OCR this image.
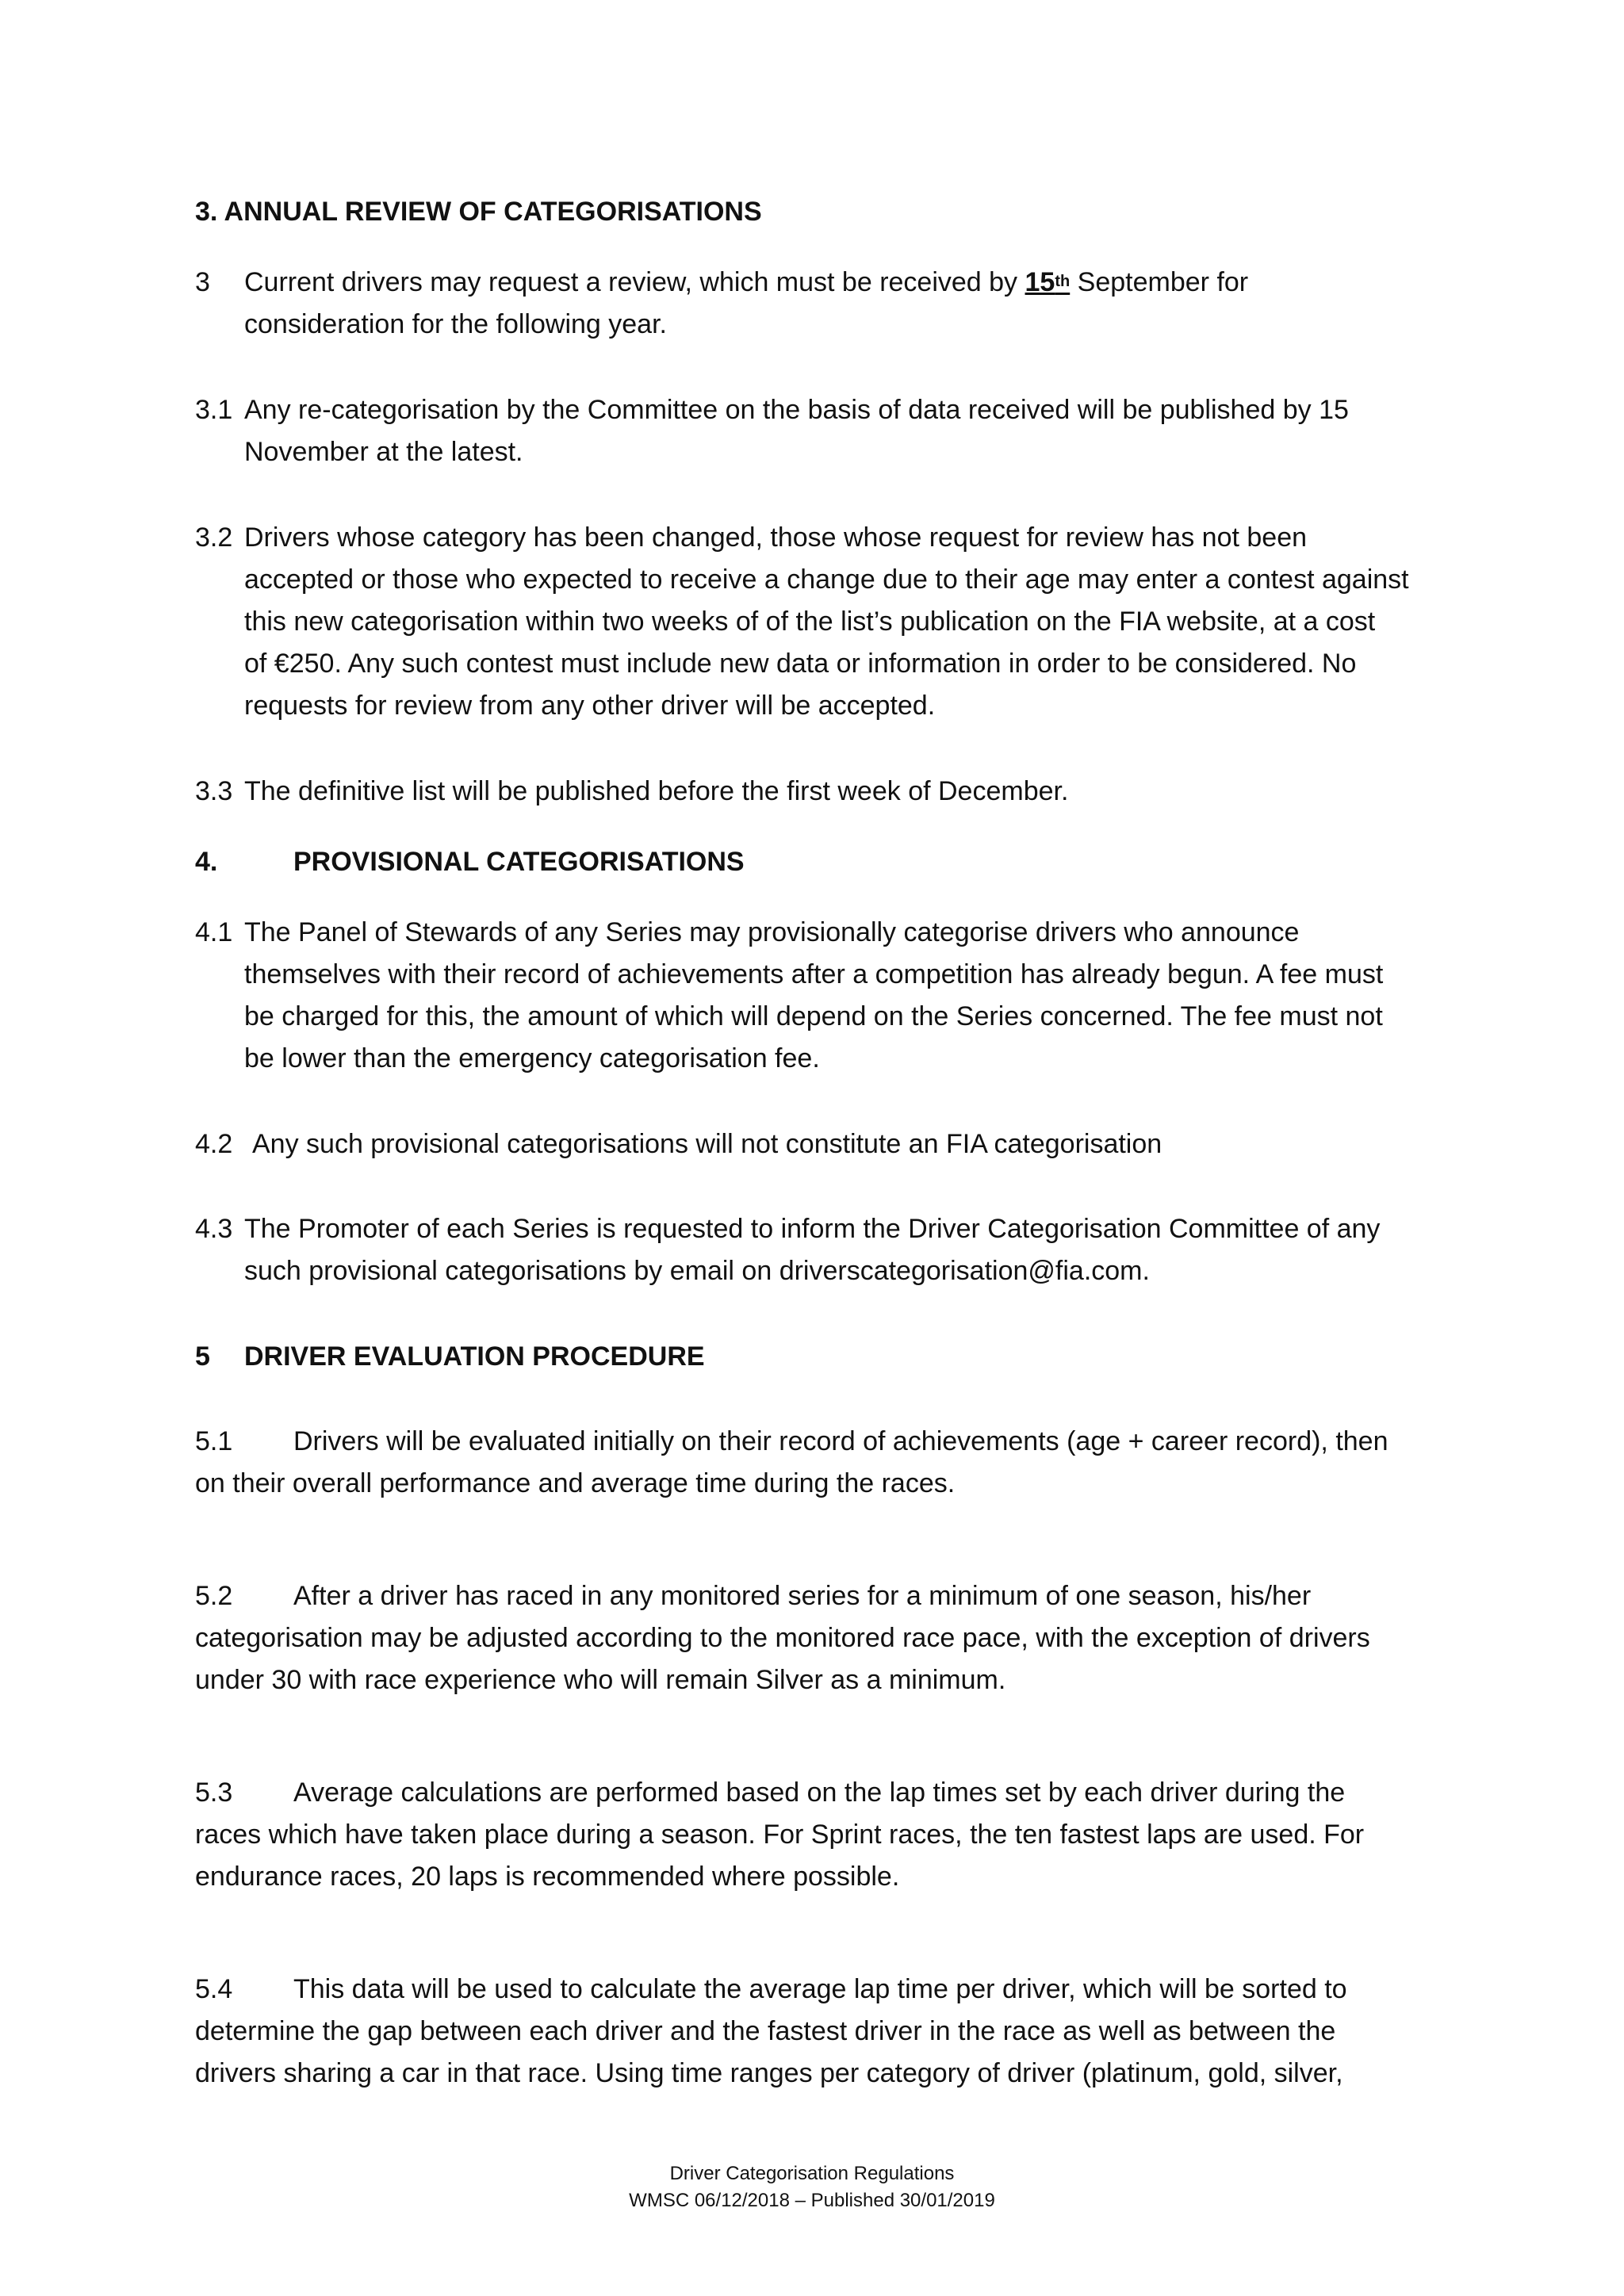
3. ANNUAL REVIEW OF CATEGORISATIONS
3 Current drivers may request a review, which must be received by 15th September for
consideration for the following year.
3.1 Any re-categorisation by the Committee on the basis of data received will be published by 15
November at the latest.
3.2 Drivers whose category has been changed, those whose request for review has not been
accepted or those who expected to receive a change due to their age may enter a contest against
this new categorisation within two weeks of of the list’s publication on the FIA website, at a cost
of €250. Any such contest must include new data or information in order to be considered. No
requests for review from any other driver will be accepted.
3.3 The definitive list will be published before the first week of December.
4.	PROVISIONAL CATEGORISATIONS
4.1 The Panel of Stewards of any Series may provisionally categorise drivers who announce
themselves with their record of achievements after a competition has already begun. A fee must
be charged for this, the amount of which will depend on the Series concerned. The fee must not
be lower than the emergency categorisation fee.
4.2 Any such provisional categorisations will not constitute an FIA categorisation
4.3 The Promoter of each Series is requested to inform the Driver Categorisation Committee of any
such provisional categorisations by email on driverscategorisation@fia.com.
5 DRIVER EVALUATION PROCEDURE
5.1 Drivers will be evaluated initially on their record of achievements (age + career record), then
on their overall performance and average time during the races.
5.2 After a driver has raced in any monitored series for a minimum of one season, his/her
categorisation may be adjusted according to the monitored race pace, with the exception of drivers
under 30 with race experience who will remain Silver as a minimum.
5.3 Average calculations are performed based on the lap times set by each driver during the
races which have taken place during a season. For Sprint races, the ten fastest laps are used. For
endurance races, 20 laps is recommended where possible.
5.4 This data will be used to calculate the average lap time per driver, which will be sorted to
determine the gap between each driver and the fastest driver in the race as well as between the
drivers sharing a car in that race. Using time ranges per category of driver (platinum, gold, silver,
Driver Categorisation Regulations
WMSC 06/12/2018 – Published 30/01/2019
